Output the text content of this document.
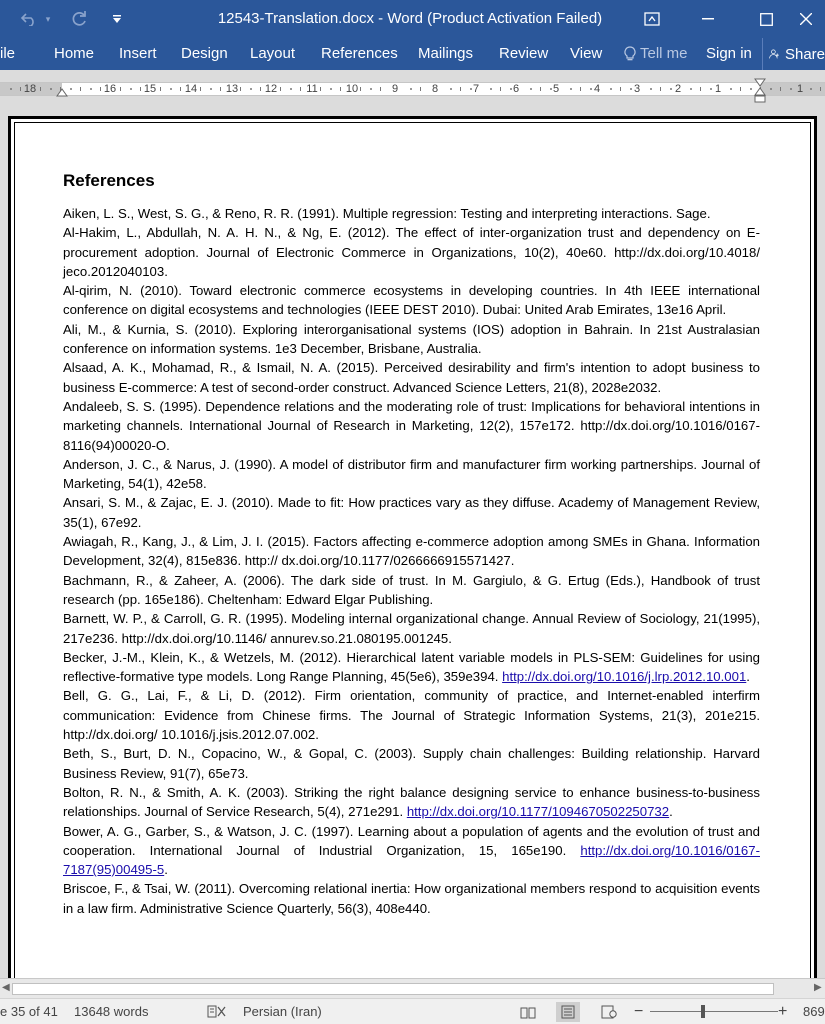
▾	12543-Translation.docx - Word (Product Activation Failed)
ile	Home Insert Design Layout References Mailings Review View	Tell me Sign in Share
18	16	15	14	13 12	11	10	9	8	7	6	5	4	3	2	1	1
References
Aiken, L. S., West, S. G., & Reno, R. R. (1991). Multiple regression: Testing and interpreting interactions. Sage.
Al-Hakim, L., Abdullah, N. A. H. N., & Ng, E. (2012). The effect of inter-organization trust and dependency on E-procurement adoption. Journal of Electronic Commerce in Organizations, 10(2), 40e60. http://dx.doi.org/10.4018/ jeco.2012040103.
Al-qirim, N. (2010). Toward electronic commerce ecosystems in developing countries. In 4th IEEE international conference on digital ecosystems and technologies (IEEE DEST 2010). Dubai: United Arab Emirates, 13e16 April.
Ali, M., & Kurnia, S. (2010). Exploring interorganisational systems (IOS) adoption in Bahrain. In 21st Australasian conference on information systems. 1e3 December, Brisbane, Australia.
Alsaad, A. K., Mohamad, R., & Ismail, N. A. (2015). Perceived desirability and firm's intention to adopt business to business E-commerce: A test of second-order construct. Advanced Science Letters, 21(8), 2028e2032.
Andaleeb, S. S. (1995). Dependence relations and the moderating role of trust: Implications for behavioral intentions in marketing channels. International Journal of Research in Marketing, 12(2), 157e172. http://dx.doi.org/10.1016/0167- 8116(94)00020-O.
Anderson, J. C., & Narus, J. (1990). A model of distributor firm and manufacturer firm working partnerships. Journal of Marketing, 54(1), 42e58.
Ansari, S. M., & Zajac, E. J. (2010). Made to fit: How practices vary as they diffuse. Academy of Management Review, 35(1), 67e92.
Awiagah, R., Kang, J., & Lim, J. I. (2015). Factors affecting e-commerce adoption among SMEs in Ghana. Information Development, 32(4), 815e836. http:// dx.doi.org/10.1177/0266666915571427.
Bachmann, R., & Zaheer, A. (2006). The dark side of trust. In M. Gargiulo, & G. Ertug (Eds.), Handbook of trust research (pp. 165e186). Cheltenham: Edward Elgar Publishing.
Barnett, W. P., & Carroll, G. R. (1995). Modeling internal organizational change. Annual Review of Sociology, 21(1995), 217e236. http://dx.doi.org/10.1146/ annurev.so.21.080195.001245.
Becker, J.-M., Klein, K., & Wetzels, M. (2012). Hierarchical latent variable models in PLS-SEM: Guidelines for using reflective-formative type models. Long Range Planning, 45(5e6), 359e394. http://dx.doi.org/10.1016/j.lrp.2012.10.001.
Bell, G. G., Lai, F., & Li, D. (2012). Firm orientation, community of practice, and Internet-enabled interfirm communication: Evidence from Chinese firms. The Journal of Strategic Information Systems, 21(3), 201e215. http://dx.doi.org/ 10.1016/j.jsis.2012.07.002.
Beth, S., Burt, D. N., Copacino, W., & Gopal, C. (2003). Supply chain challenges: Building relationship. Harvard Business Review, 91(7), 65e73.
Bolton, R. N., & Smith, A. K. (2003). Striking the right balance designing service to enhance business-to-business relationships. Journal of Service Research, 5(4), 271e291. http://dx.doi.org/10.1177/1094670502250732.
Bower, A. G., Garber, S., & Watson, J. C. (1997). Learning about a population of agents and the evolution of trust and cooperation. International Journal of Industrial Organization, 15, 165e190. http://dx.doi.org/10.1016/0167-7187(95)00495-5.
Briscoe, F., & Tsai, W. (2011). Overcoming relational inertia: How organizational members respond to acquisition events in a law firm. Administrative Science Quarterly, 56(3), 408e440.
◀	▶
e 35 of 41 13648 words	Persian (Iran)	−	+ 869
